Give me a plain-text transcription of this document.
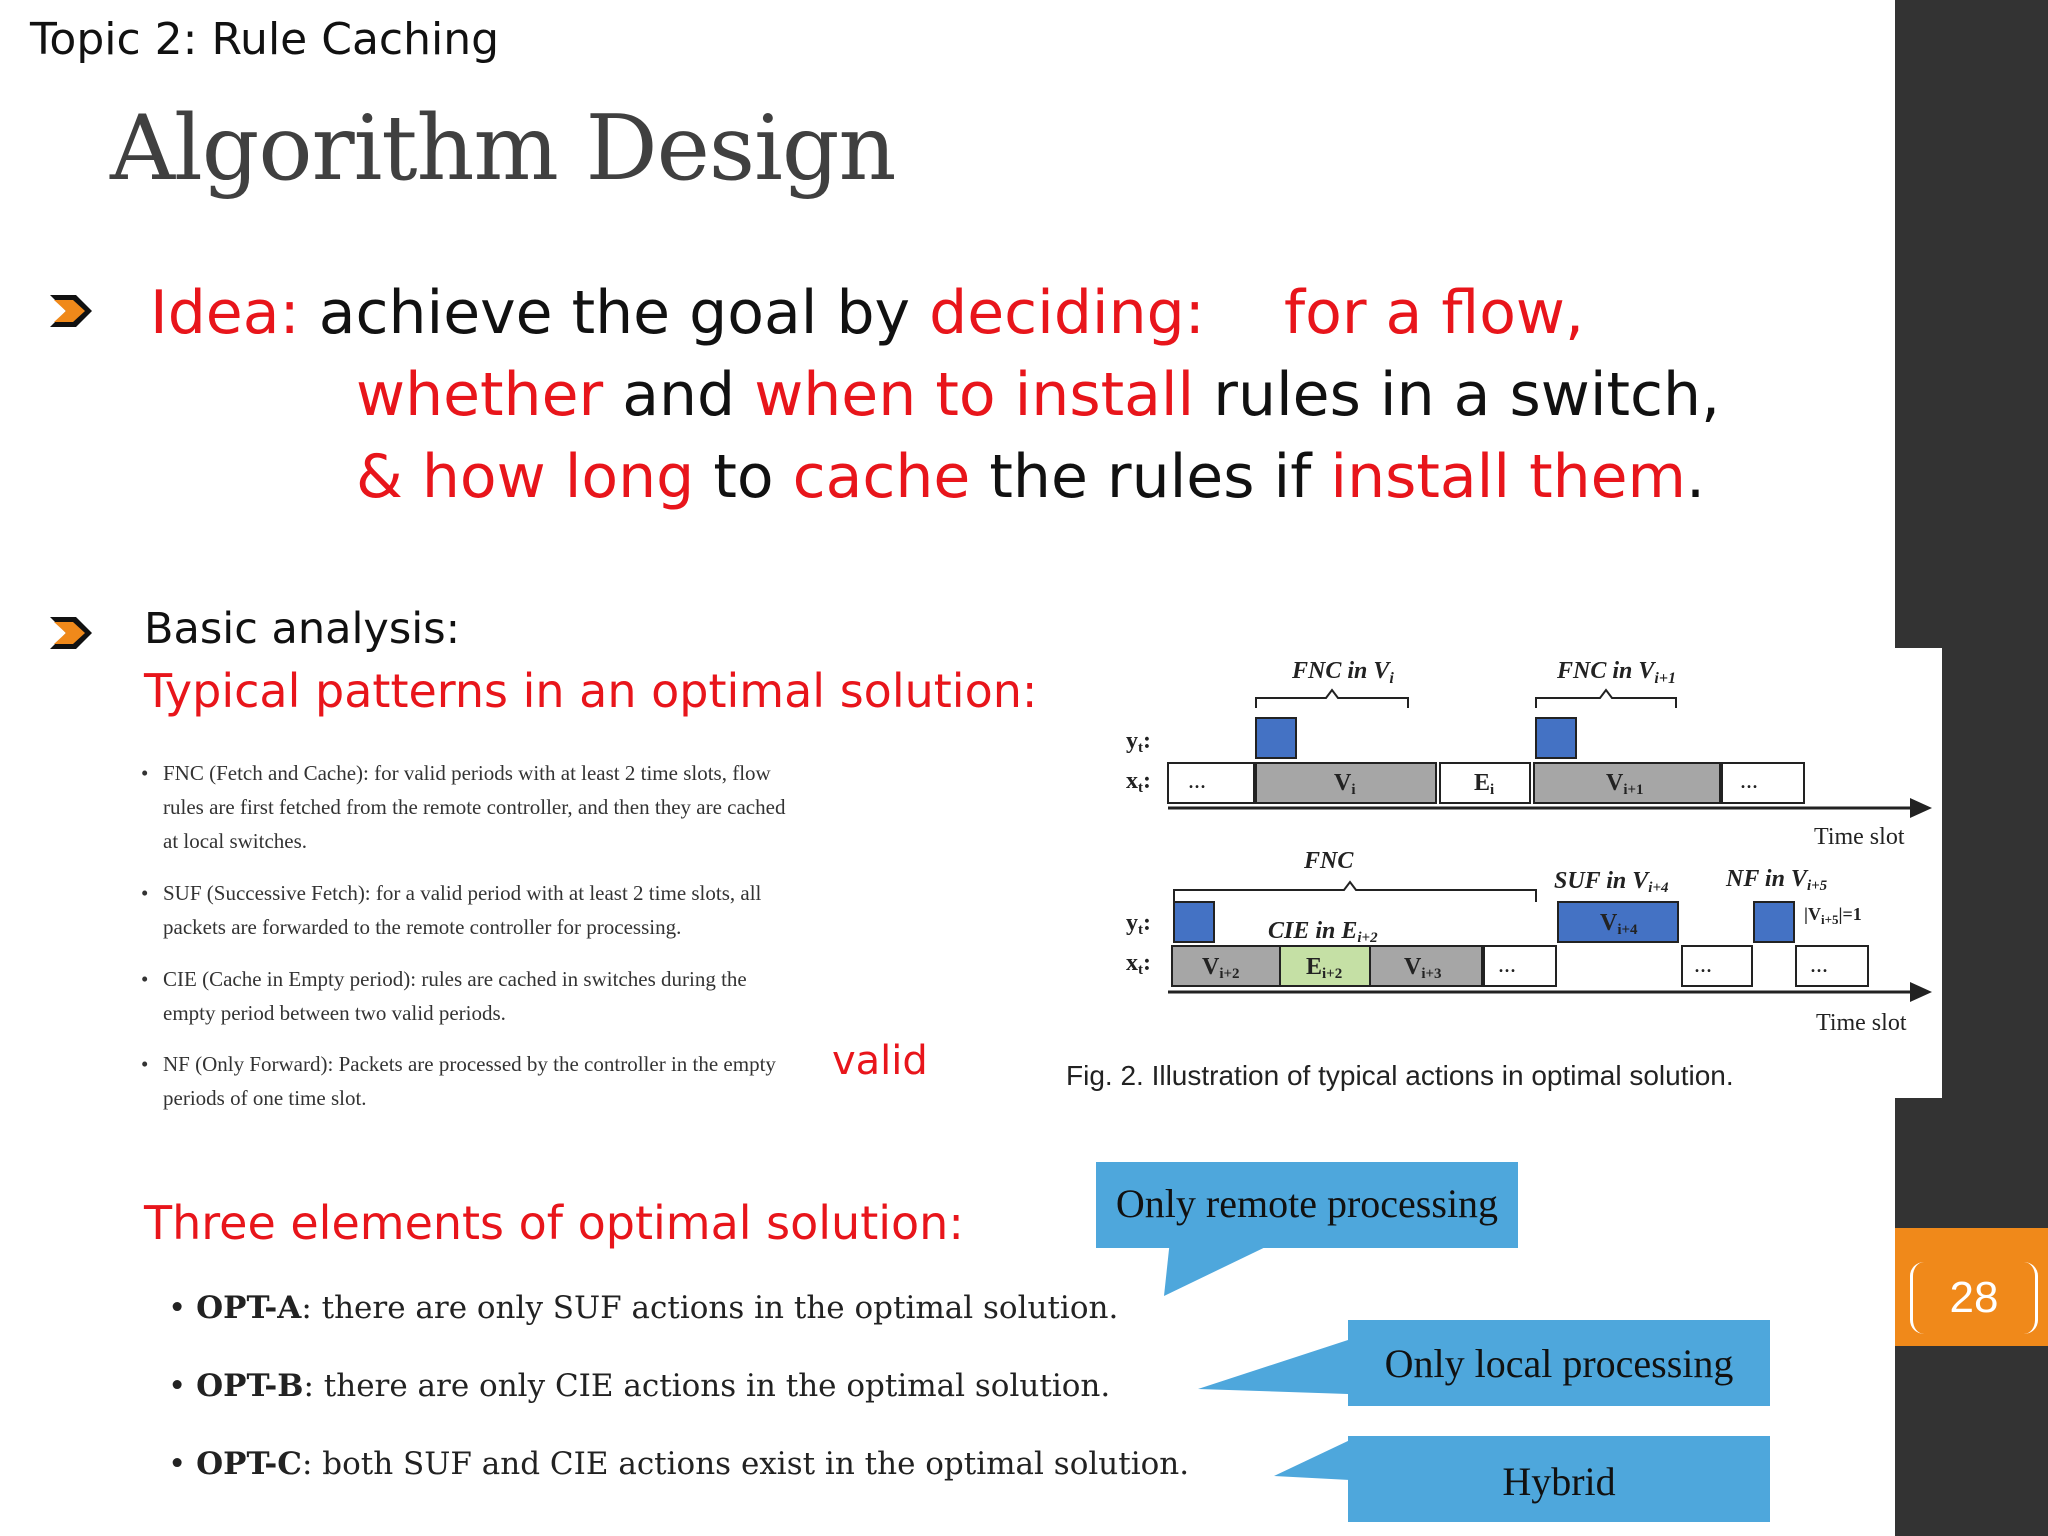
28
Topic 2: Rule Caching
Algorithm Design
Idea: achieve the goal by deciding: for a flow,
whether and when to install rules in a switch,
& how long to cache the rules if install them.
Basic analysis:
Typical patterns in an optimal solution:
• FNC (Fetch and Cache): for valid periods with at least 2 time slots, flow
rules are first fetched from the remote controller, and then they are cached
at local switches.
• SUF (Successive Fetch): for a valid period with at least 2 time slots, all
packets are forwarded to the remote controller for processing.
• CIE (Cache in Empty period): rules are cached in switches during the
empty period between two valid periods.
• NF (Only Forward): Packets are processed by the controller in the empty
periods of one time slot.
valid
FNC in $V_i$	FNC in $V_{i+1}$
yt:
xt: ...	Vi	Ei	Vi+1	...
Time slot
FNC
SUF in Vi+4 NF in Vi+5
$|V_{i+5}|=1$
yt:
xt:
CIE in Ei+2
Vi+4
Vi+2	Ei+2	Vi+3 ...	...	...
Time slot
Fig. 2. Illustration of typical actions in optimal solution.
Three elements of optimal solution:
• OPT-A: there are only SUF actions in the optimal solution.
• OPT-B: there are only CIE actions in the optimal solution.
• OPT-C: both SUF and CIE actions exist in the optimal solution.
Only remote processing
Only local processing
Hybrid
